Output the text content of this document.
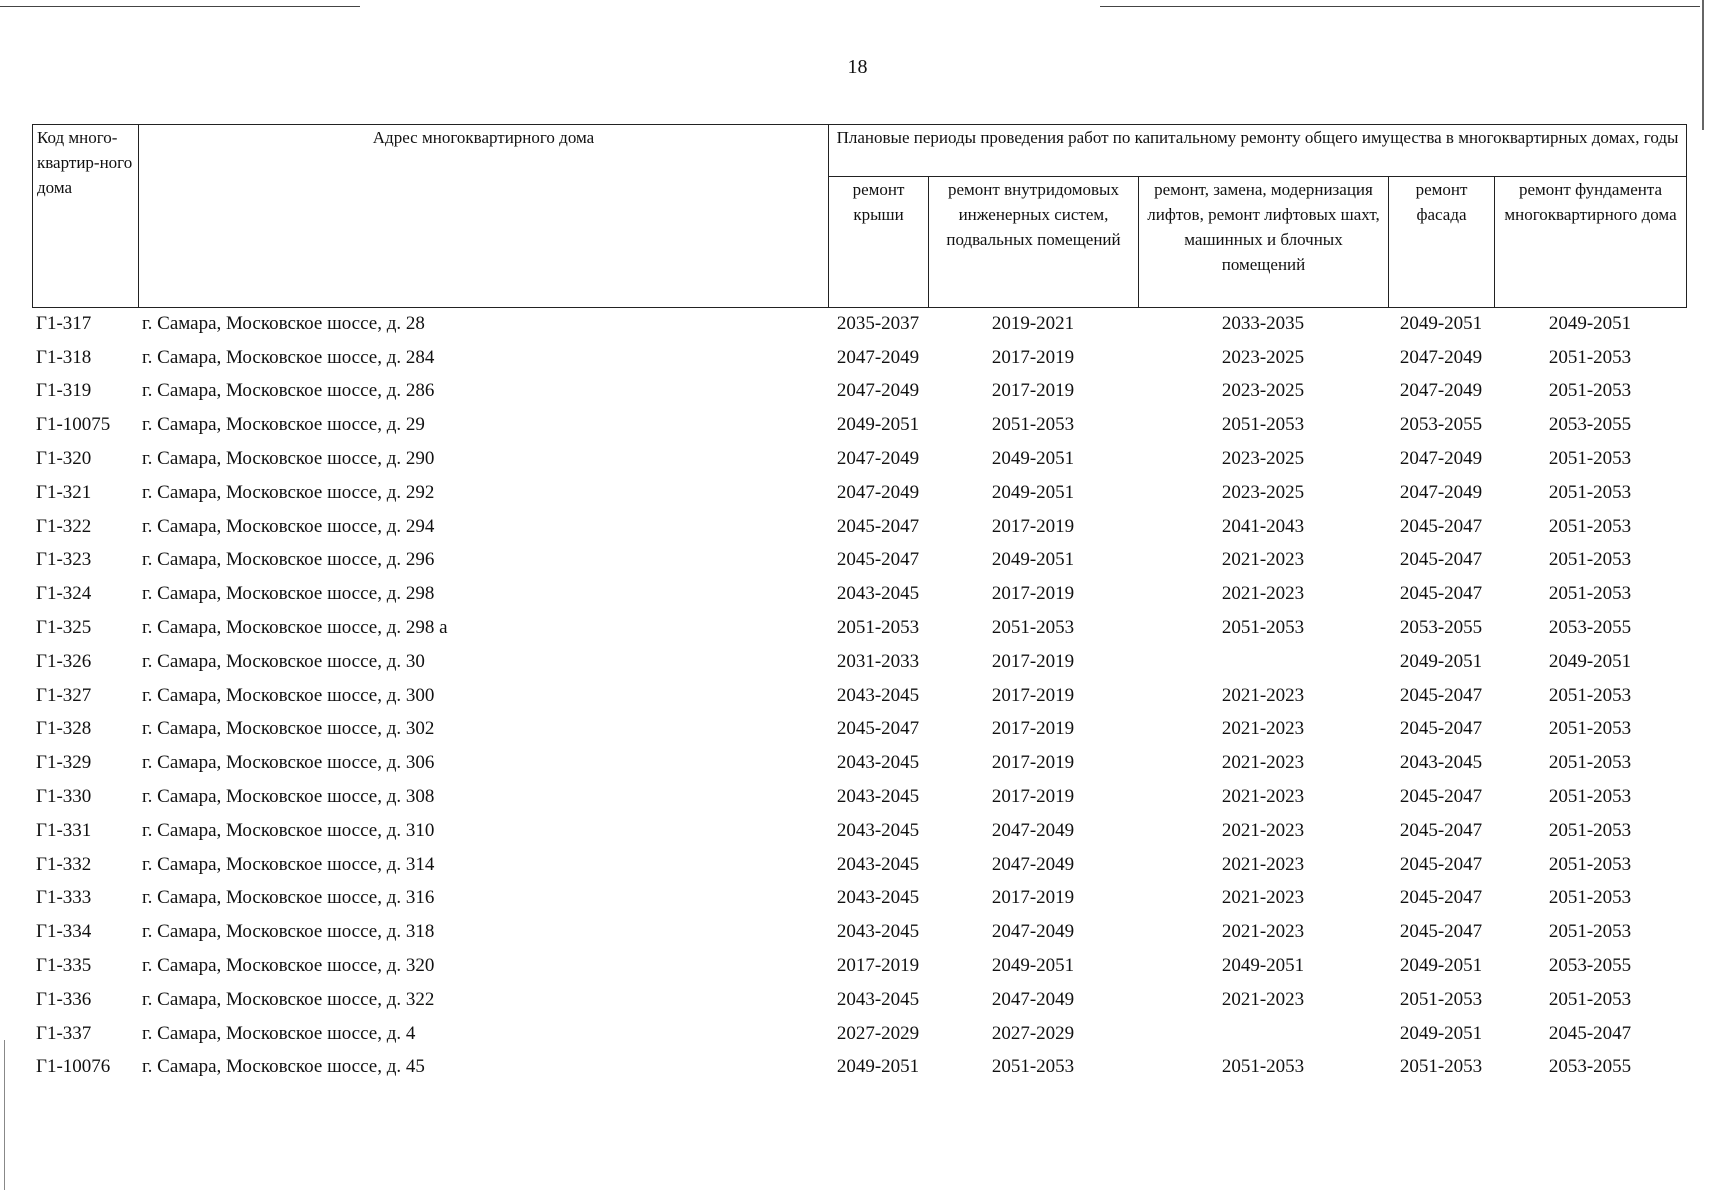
18
Код много-квартир-ного дома	Адрес многоквартирного дома	Плановые периоды проведения работ по капитальному ремонту общего имущества в многоквартирных домах, годы				
		ремонт крыши	ремонт внутридомовых инженерных систем, подвальных помещений	ремонт, замена, модернизация лифтов, ремонт лифтовых шахт, машинных и блочных помещений	ремонт фасада	ремонт фундамента многоквартирного дома
Г1-317	г. Самара, Московское шоссе, д. 28	2035-2037	2019-2021	2033-2035	2049-2051	2049-2051
Г1-318	г. Самара, Московское шоссе, д. 284	2047-2049	2017-2019	2023-2025	2047-2049	2051-2053
Г1-319	г. Самара, Московское шоссе, д. 286	2047-2049	2017-2019	2023-2025	2047-2049	2051-2053
Г1-10075	г. Самара, Московское шоссе, д. 29	2049-2051	2051-2053	2051-2053	2053-2055	2053-2055
Г1-320	г. Самара, Московское шоссе, д. 290	2047-2049	2049-2051	2023-2025	2047-2049	2051-2053
Г1-321	г. Самара, Московское шоссе, д. 292	2047-2049	2049-2051	2023-2025	2047-2049	2051-2053
Г1-322	г. Самара, Московское шоссе, д. 294	2045-2047	2017-2019	2041-2043	2045-2047	2051-2053
Г1-323	г. Самара, Московское шоссе, д. 296	2045-2047	2049-2051	2021-2023	2045-2047	2051-2053
Г1-324	г. Самара, Московское шоссе, д. 298	2043-2045	2017-2019	2021-2023	2045-2047	2051-2053
Г1-325	г. Самара, Московское шоссе, д. 298 а	2051-2053	2051-2053	2051-2053	2053-2055	2053-2055
Г1-326	г. Самара, Московское шоссе, д. 30	2031-2033	2017-2019		2049-2051	2049-2051
Г1-327	г. Самара, Московское шоссе, д. 300	2043-2045	2017-2019	2021-2023	2045-2047	2051-2053
Г1-328	г. Самара, Московское шоссе, д. 302	2045-2047	2017-2019	2021-2023	2045-2047	2051-2053
Г1-329	г. Самара, Московское шоссе, д. 306	2043-2045	2017-2019	2021-2023	2043-2045	2051-2053
Г1-330	г. Самара, Московское шоссе, д. 308	2043-2045	2017-2019	2021-2023	2045-2047	2051-2053
Г1-331	г. Самара, Московское шоссе, д. 310	2043-2045	2047-2049	2021-2023	2045-2047	2051-2053
Г1-332	г. Самара, Московское шоссе, д. 314	2043-2045	2047-2049	2021-2023	2045-2047	2051-2053
Г1-333	г. Самара, Московское шоссе, д. 316	2043-2045	2017-2019	2021-2023	2045-2047	2051-2053
Г1-334	г. Самара, Московское шоссе, д. 318	2043-2045	2047-2049	2021-2023	2045-2047	2051-2053
Г1-335	г. Самара, Московское шоссе, д. 320	2017-2019	2049-2051	2049-2051	2049-2051	2053-2055
Г1-336	г. Самара, Московское шоссе, д. 322	2043-2045	2047-2049	2021-2023	2051-2053	2051-2053
Г1-337	г. Самара, Московское шоссе, д. 4	2027-2029	2027-2029		2049-2051	2045-2047
Г1-10076	г. Самара, Московское шоссе, д. 45	2049-2051	2051-2053	2051-2053	2051-2053	2053-2055
